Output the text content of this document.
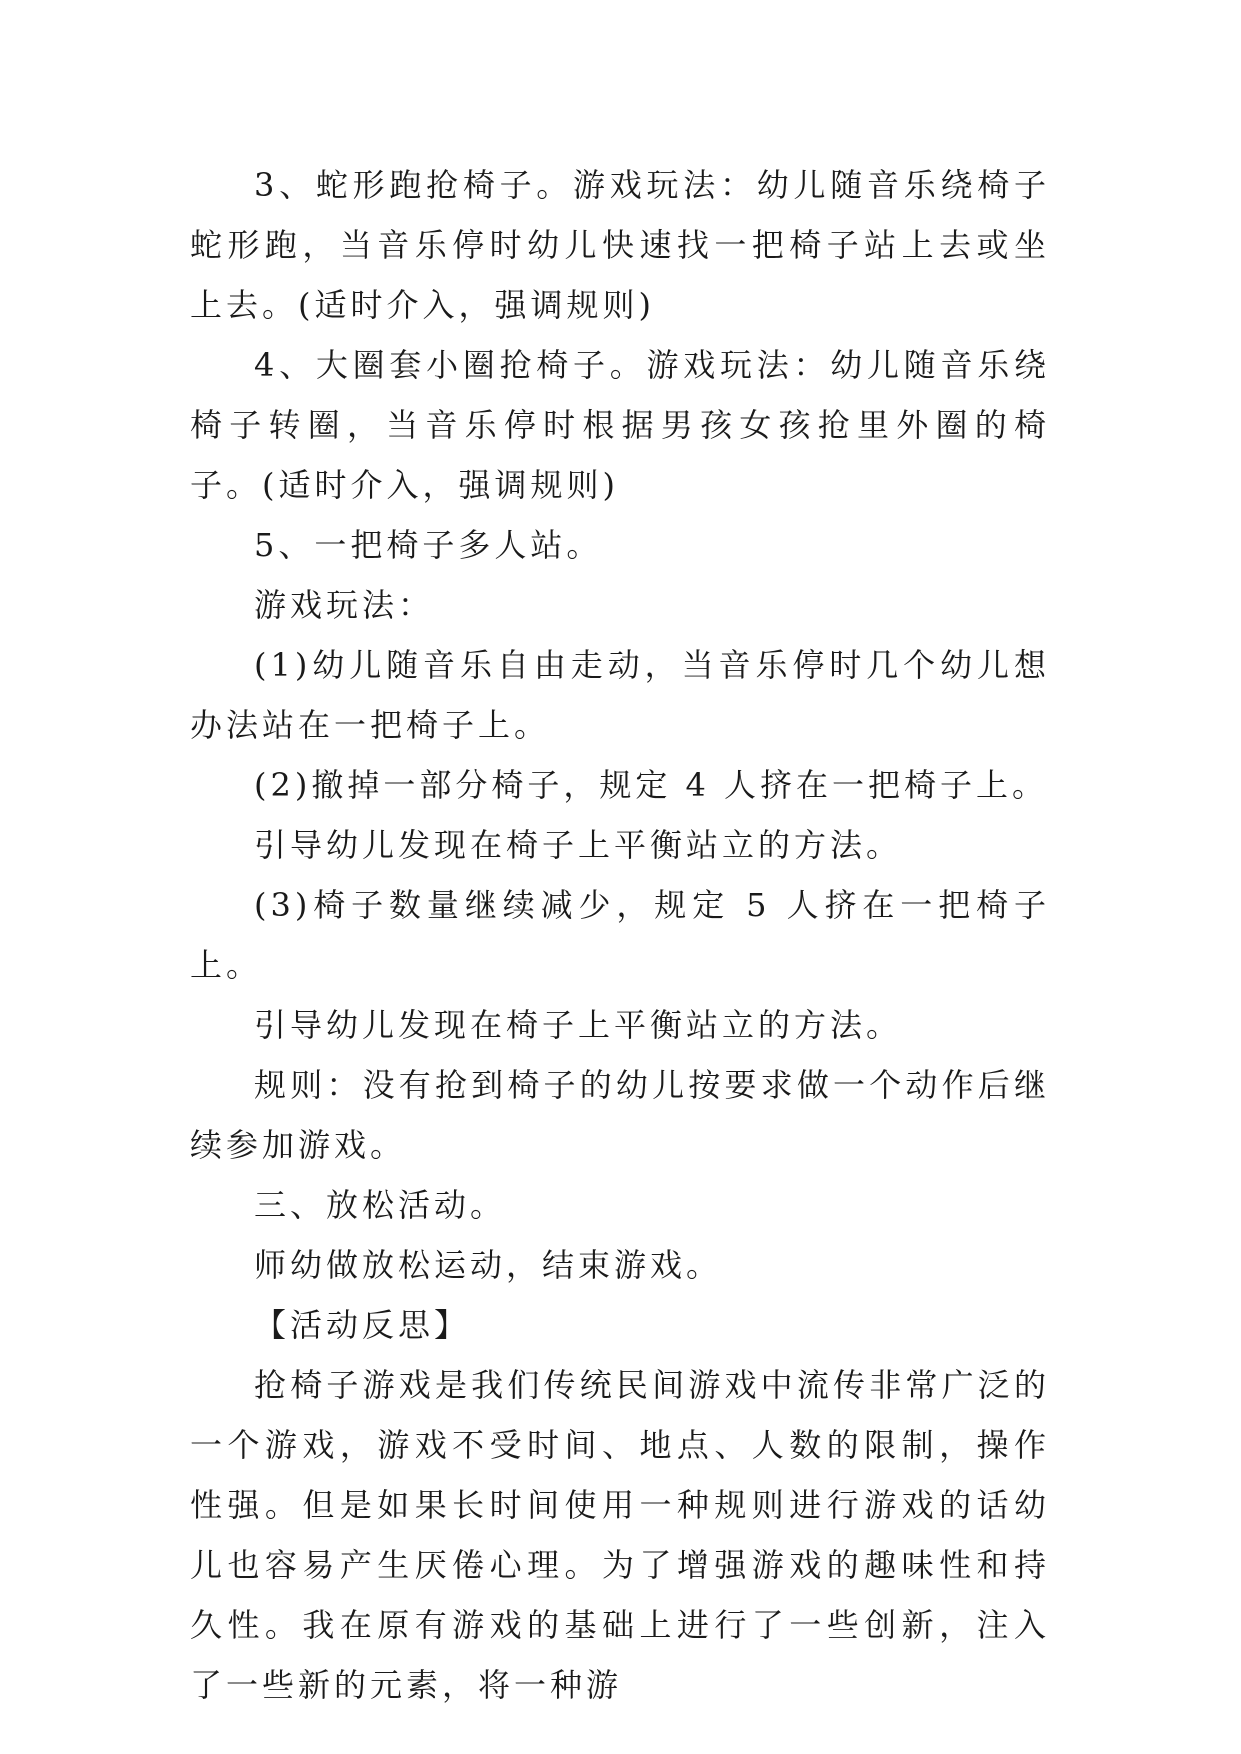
3、蛇形跑抢椅子。游戏玩法：幼儿随音乐绕椅子蛇形跑，当音乐停时幼儿快速找一把椅子站上去或坐上去。(适时介入，强调规则)

4、大圈套小圈抢椅子。游戏玩法：幼儿随音乐绕椅子转圈，当音乐停时根据男孩女孩抢里外圈的椅子。(适时介入，强调规则)

5、一把椅子多人站。

游戏玩法：

(1)幼儿随音乐自由走动，当音乐停时几个幼儿想办法站在一把椅子上。

(2)撤掉一部分椅子，规定 4 人挤在一把椅子上。

引导幼儿发现在椅子上平衡站立的方法。

(3)椅子数量继续减少，规定 5 人挤在一把椅子上。

引导幼儿发现在椅子上平衡站立的方法。

规则：没有抢到椅子的幼儿按要求做一个动作后继续参加游戏。

三、放松活动。

师幼做放松运动，结束游戏。

【活动反思】

抢椅子游戏是我们传统民间游戏中流传非常广泛的一个游戏，游戏不受时间、地点、人数的限制，操作性强。但是如果长时间使用一种规则进行游戏的话幼儿也容易产生厌倦心理。为了增强游戏的趣味性和持久性。我在原有游戏的基础上进行了一些创新，注入了一些新的元素，将一种游
